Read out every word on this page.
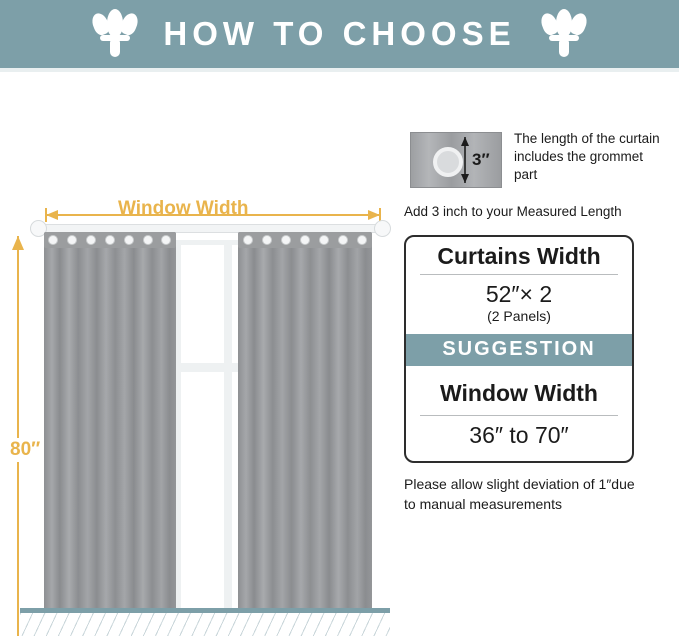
HOW TO CHOOSE
Window Width
80″
3″
The length of the curtain includes the grommet part
Add 3 inch to your Measured Length
Curtains Width
52″× 2
(2 Panels)
SUGGESTION
Window Width
36″ to 70″
Please allow slight deviation of 1″due to manual measurements
